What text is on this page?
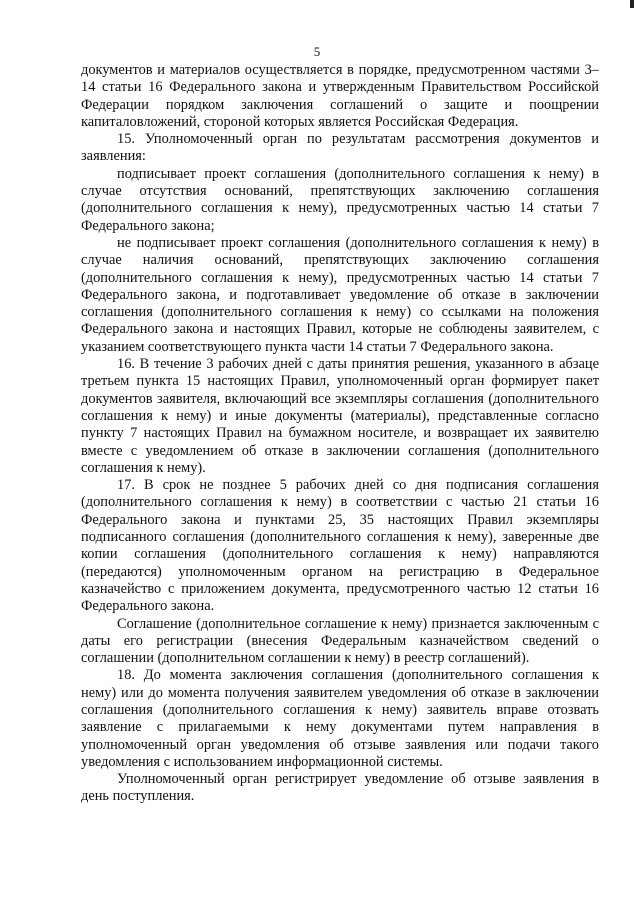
5

документов и материалов осуществляется в порядке, предусмотренном частями 3–14 статьи 16 Федерального закона и утвержденным Правительством Российской Федерации порядком заключения соглашений о защите и поощрении капиталовложений, стороной которых является Российская Федерация.

15. Уполномоченный орган по результатам рассмотрения документов и заявления:

подписывает проект соглашения (дополнительного соглашения к нему) в случае отсутствия оснований, препятствующих заключению соглашения (дополнительного соглашения к нему), предусмотренных частью 14 статьи 7 Федерального закона;

не подписывает проект соглашения (дополнительного соглашения к нему) в случае наличия оснований, препятствующих заключению соглашения (дополнительного соглашения к нему), предусмотренных частью 14 статьи 7 Федерального закона, и подготавливает уведомление об отказе в заключении соглашения (дополнительного соглашения к нему) со ссылками на положения Федерального закона и настоящих Правил, которые не соблюдены заявителем, с указанием соответствующего пункта части 14 статьи 7 Федерального закона.

16. В течение 3 рабочих дней с даты принятия решения, указанного в абзаце третьем пункта 15 настоящих Правил, уполномоченный орган формирует пакет документов заявителя, включающий все экземпляры соглашения (дополнительного соглашения к нему) и иные документы (материалы), представленные согласно пункту 7 настоящих Правил на бумажном носителе, и возвращает их заявителю вместе с уведомлением об отказе в заключении соглашения (дополнительного соглашения к нему).

17. В срок не позднее 5 рабочих дней со дня подписания соглашения (дополнительного соглашения к нему) в соответствии с частью 21 статьи 16 Федерального закона и пунктами 25, 35 настоящих Правил экземпляры подписанного соглашения (дополнительного соглашения к нему), заверенные две копии соглашения (дополнительного соглашения к нему) направляются (передаются) уполномоченным органом на регистрацию в Федеральное казначейство с приложением документа, предусмотренного частью 12 статьи 16 Федерального закона.

Соглашение (дополнительное соглашение к нему) признается заключенным с даты его регистрации (внесения Федеральным казначейством сведений о соглашении (дополнительном соглашении к нему) в реестр соглашений).

18. До момента заключения соглашения (дополнительного соглашения к нему) или до момента получения заявителем уведомления об отказе в заключении соглашения (дополнительного соглашения к нему) заявитель вправе отозвать заявление с прилагаемыми к нему документами путем направления в уполномоченный орган уведомления об отзыве заявления или подачи такого уведомления с использованием информационной системы.

Уполномоченный орган регистрирует уведомление об отзыве заявления в день поступления.
